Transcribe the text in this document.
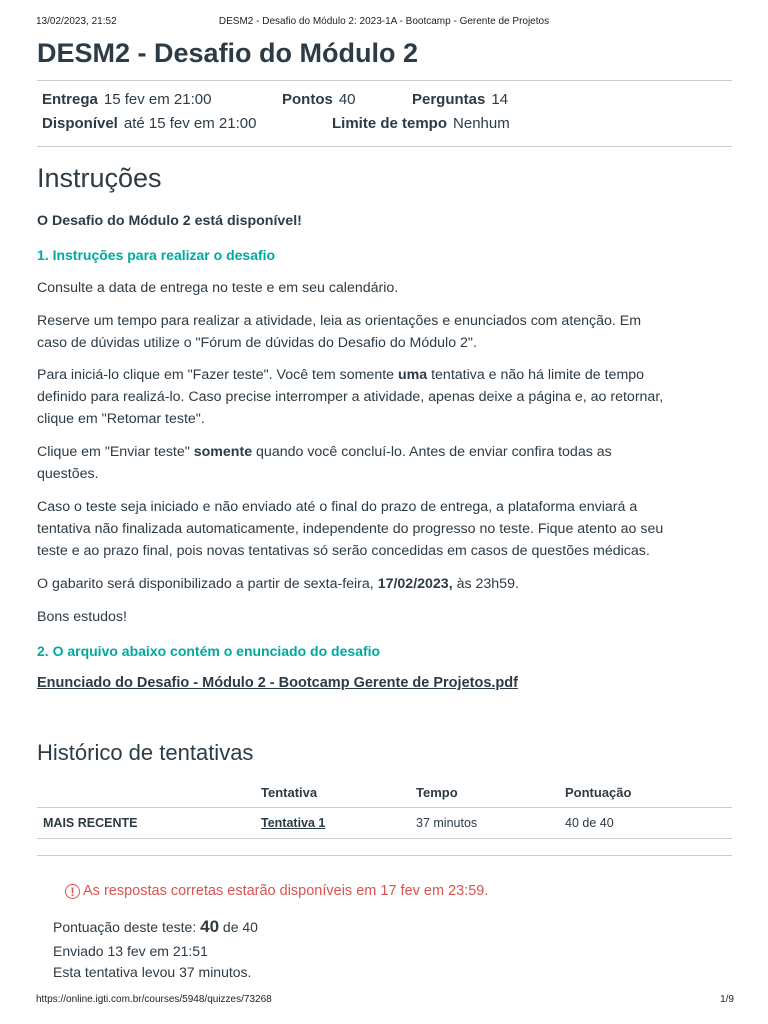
13/02/2023, 21:52	DESM2 - Desafio do Módulo 2: 2023-1A - Bootcamp - Gerente de Projetos
DESM2 - Desafio do Módulo 2
Entrega 15 fev em 21:00	Pontos 40	Perguntas 14
Disponível até 15 fev em 21:00	Limite de tempo Nenhum
Instruções
O Desafio do Módulo 2 está disponível!
1. Instruções para realizar o desafio
Consulte a data de entrega no teste e em seu calendário.
Reserve um tempo para realizar a atividade, leia as orientações e enunciados com atenção. Em
caso de dúvidas utilize o "Fórum de dúvidas do Desafio do Módulo 2".
Para iniciá-lo clique em "Fazer teste". Você tem somente uma tentativa e não há limite de tempo
definido para realizá-lo. Caso precise interromper a atividade, apenas deixe a página e, ao retornar,
clique em "Retomar teste".
Clique em "Enviar teste" somente quando você concluí-lo. Antes de enviar confira todas as
questões.
Caso o teste seja iniciado e não enviado até o final do prazo de entrega, a plataforma enviará a
tentativa não finalizada automaticamente, independente do progresso no teste. Fique atento ao seu
teste e ao prazo final, pois novas tentativas só serão concedidas em casos de questões médicas.
O gabarito será disponibilizado a partir de sexta-feira, 17/02/2023, às 23h59.
Bons estudos!
2. O arquivo abaixo contém o enunciado do desafio
Enunciado do Desafio - Módulo 2 - Bootcamp Gerente de Projetos.pdf
Histórico de tentativas
	Tentativa	Tempo	Pontuação
MAIS RECENTE	Tentativa 1	37 minutos	40 de 40
! As respostas corretas estarão disponíveis em 17 fev em 23:59.
Pontuação deste teste: 40 de 40
Enviado 13 fev em 21:51
Esta tentativa levou 37 minutos.
https://online.igti.com.br/courses/5948/quizzes/73268	1/9
